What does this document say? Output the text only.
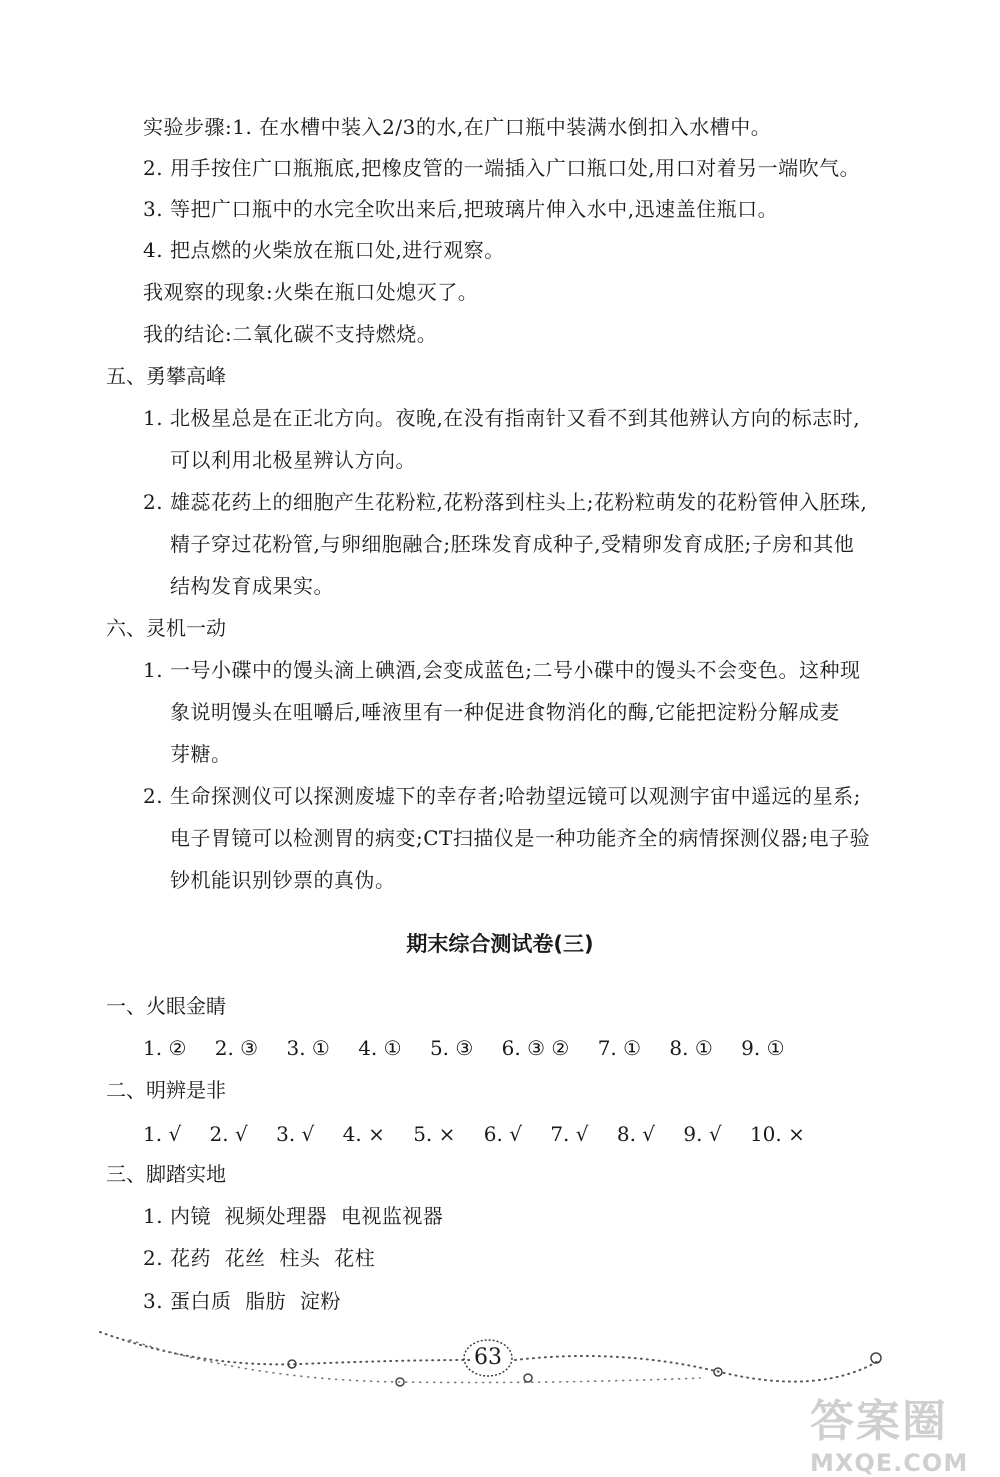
实验步骤:1. 在水槽中装入2/3的水,在广口瓶中装满水倒扣入水槽中。
2. 用手按住广口瓶瓶底,把橡皮管的一端插入广口瓶口处,用口对着另一端吹气。
3. 等把广口瓶中的水完全吹出来后,把玻璃片伸入水中,迅速盖住瓶口。
4. 把点燃的火柴放在瓶口处,进行观察。
我观察的现象:火柴在瓶口处熄灭了。
我的结论:二氧化碳不支持燃烧。
五、勇攀高峰
1. 北极星总是在正北方向。夜晚,在没有指南针又看不到其他辨认方向的标志时,
可以利用北极星辨认方向。
2. 雄蕊花药上的细胞产生花粉粒,花粉落到柱头上;花粉粒萌发的花粉管伸入胚珠,
精子穿过花粉管,与卵细胞融合;胚珠发育成种子,受精卵发育成胚;子房和其他
结构发育成果实。
六、灵机一动
1. 一号小碟中的馒头滴上碘酒,会变成蓝色;二号小碟中的馒头不会变色。这种现
象说明馒头在咀嚼后,唾液里有一种促进食物消化的酶,它能把淀粉分解成麦
芽糖。
2. 生命探测仪可以探测废墟下的幸存者;哈勃望远镜可以观测宇宙中遥远的星系;
电子胃镜可以检测胃的病变;CT扫描仪是一种功能齐全的病情探测仪器;电子验
钞机能识别钞票的真伪。
期末综合测试卷(三)
一、火眼金睛
1. ② 2. ③ 3. ① 4. ① 5. ③ 6. ③ ② 7. ① 8. ① 9. ①
二、明辨是非
1. √ 2. √ 3. √ 4. × 5. × 6. √ 7. √ 8. √ 9. √ 10. ×
三、脚踏实地
1. 内镜  视频处理器  电视监视器
2. 花药  花丝  柱头  花柱
3. 蛋白质  脂肪  淀粉
63
答案圈
MXQE.COM
